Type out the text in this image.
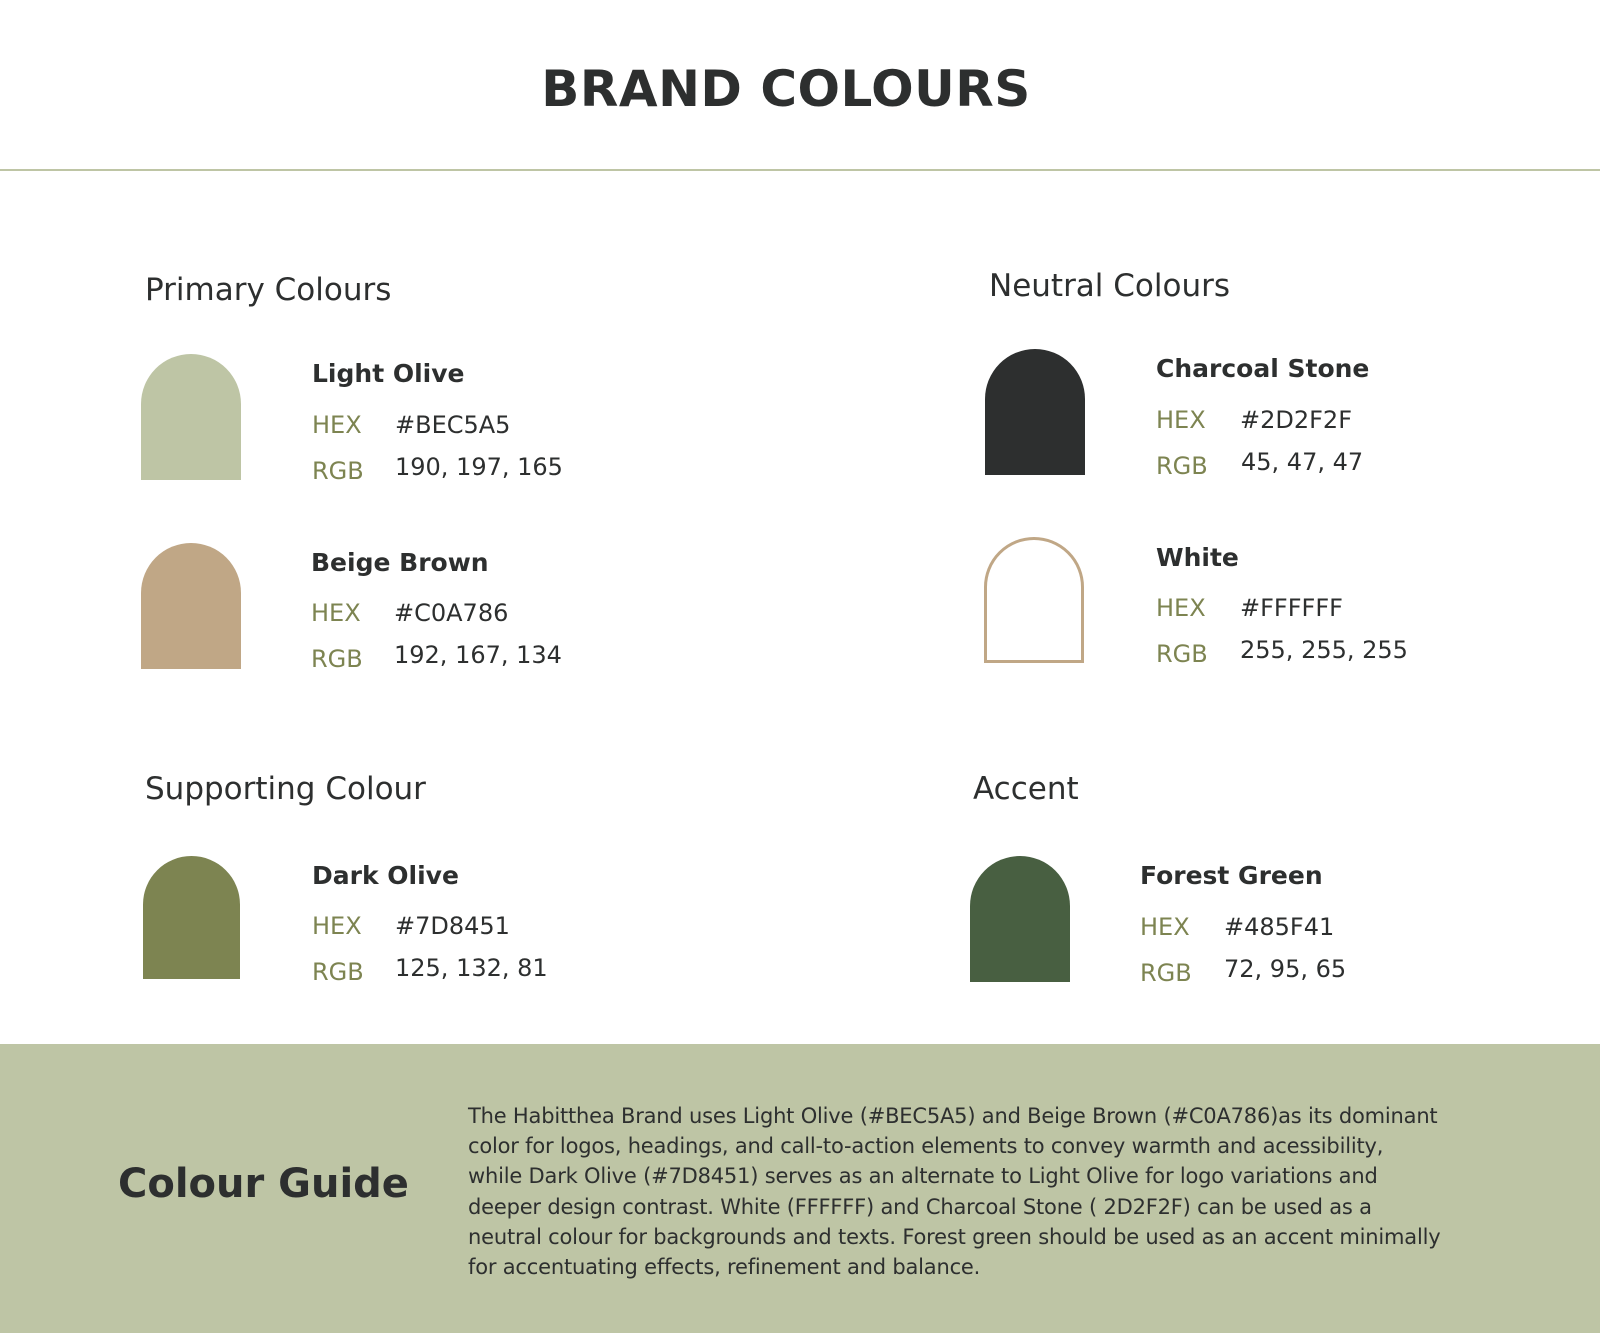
BRAND COLOURS
Primary Colours
Light Olive
HEX #BEC5A5
RGB 190, 197, 165
Beige Brown
HEX #C0A786
RGB 192, 167, 134
Neutral Colours
Charcoal Stone
HEX #2D2F2F
RGB 45, 47, 47
White
HEX #FFFFFF
RGB 255, 255, 255
Supporting Colour
Dark Olive
HEX #7D8451
RGB 125, 132, 81
Accent
Forest Green
HEX #485F41
RGB 72, 95, 65
Colour Guide

The Habitthea Brand uses Light Olive (#BEC5A5) and Beige Brown (#C0A786)as its dominant color for logos, headings, and call-to-action elements to convey warmth and acessibility, while Dark Olive (#7D8451) serves as an alternate to Light Olive for logo variations and deeper design contrast. White (FFFFFF) and Charcoal Stone ( 2D2F2F) can be used as a neutral colour for backgrounds and texts. Forest green should be used as an accent minimally for accentuating effects, refinement and balance.
